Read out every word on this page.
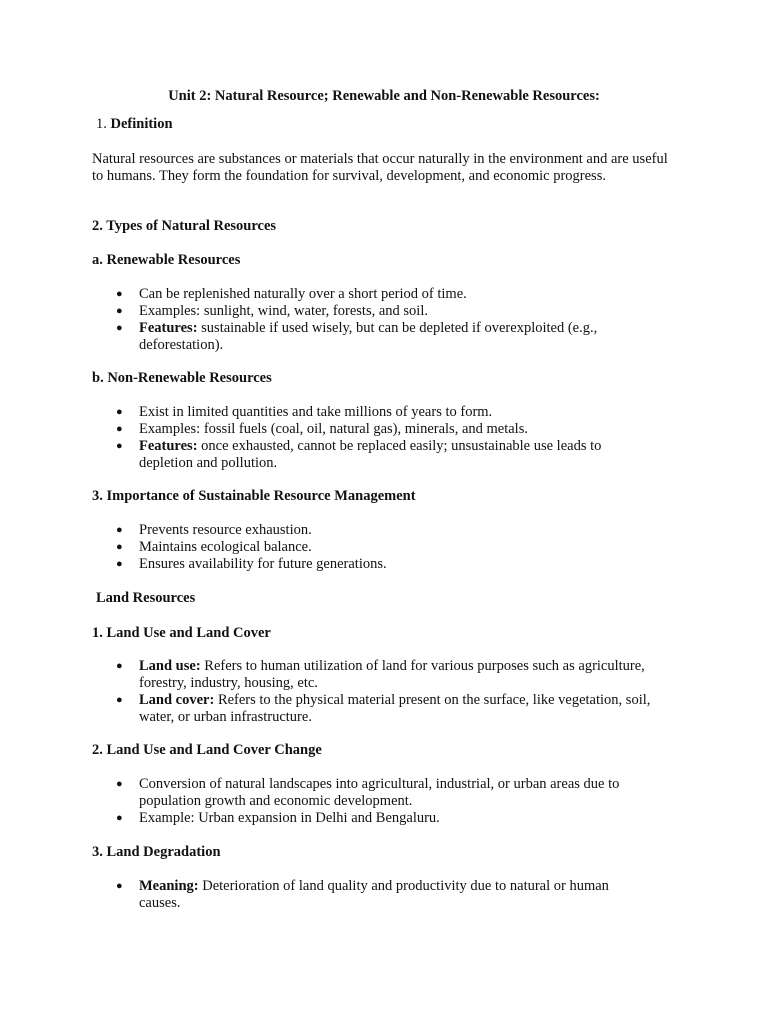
Unit 2: Natural Resource; Renewable and Non-Renewable Resources:
1. Definition
Natural resources are substances or materials that occur naturally in the environment and are useful to humans. They form the foundation for survival, development, and economic progress.
2. Types of Natural Resources
a. Renewable Resources
● Can be replenished naturally over a short period of time.
● Examples: sunlight, wind, water, forests, and soil.
● Features: sustainable if used wisely, but can be depleted if overexploited (e.g., deforestation).
b. Non-Renewable Resources
● Exist in limited quantities and take millions of years to form.
● Examples: fossil fuels (coal, oil, natural gas), minerals, and metals.
● Features: once exhausted, cannot be replaced easily; unsustainable use leads to depletion and pollution.
3. Importance of Sustainable Resource Management
● Prevents resource exhaustion.
● Maintains ecological balance.
● Ensures availability for future generations.
Land Resources
1. Land Use and Land Cover
● Land use: Refers to human utilization of land for various purposes such as agriculture, forestry, industry, housing, etc.
● Land cover: Refers to the physical material present on the surface, like vegetation, soil, water, or urban infrastructure.
2. Land Use and Land Cover Change
● Conversion of natural landscapes into agricultural, industrial, or urban areas due to population growth and economic development.
● Example: Urban expansion in Delhi and Bengaluru.
3. Land Degradation
● Meaning: Deterioration of land quality and productivity due to natural or human causes.
